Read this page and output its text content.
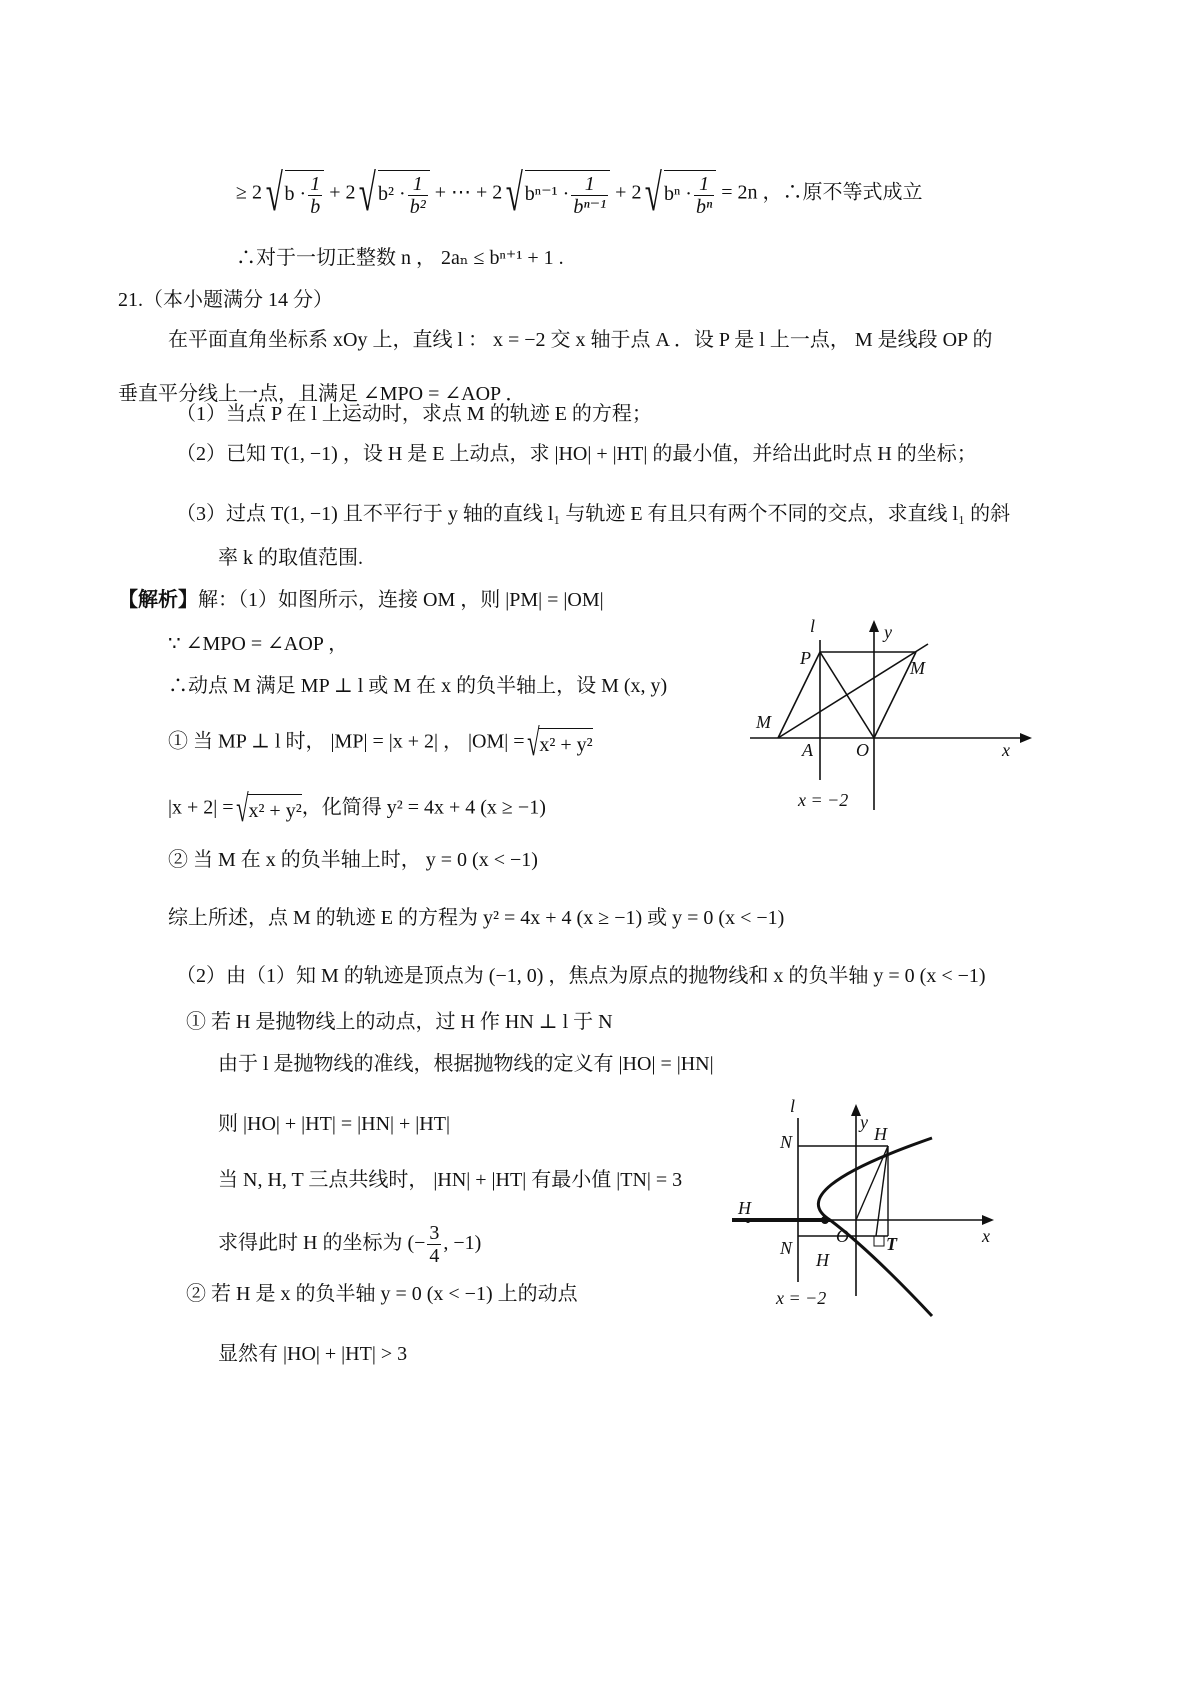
≥ $2√b \cdot \frac{1}{b} + 2√b^2 \cdot \frac{1}{\text{b²}}$ + ⋯ + $2√b^{n-1} \cdot \frac{1}{\text{bⁿ⁻¹}} + 2√b^n \cdot \frac{1}{\text{bⁿ}} = 2n$ ，∴原不等式成立
∴对于一切正整数 n ， 2aₙ ≤ bⁿ⁺¹ + 1 .
21.（本小题满分 14 分）
在平面直角坐标系 xOy 上，直线 l ： x = −2 交 x 轴于点 A ．设 P 是 l 上一点， M 是线段 OP 的
垂直平分线上一点，且满足 ∠MPO = ∠AOP ．
（1）当点 P 在 l 上运动时，求点 M 的轨迹 E 的方程；
（2）已知 T(1, −1) ，设 H 是 E 上动点，求 |HO| + |HT| 的最小值，并给出此时点 H 的坐标；
（3）过点 T(1, −1) 且不平行于 y 轴的直线 l₁ 与轨迹 E 有且只有两个不同的交点，求直线 l₁ 的斜
率 k 的取值范围.
【解析】解：（1）如图所示，连接 OM ，则 |PM| = |OM|
∵ ∠MPO = ∠AOP ，
∴动点 M 满足 MP ⊥ l 或 M 在 x 的负半轴上，设 M (x, y)
① 当 MP ⊥ l 时， |MP| = |x + 2| ， |OM| =√x² + y²
|x + 2| =√x² + y²，化简得 y² = 4x + 4 (x ≥ −1)
② 当 M 在 x 的负半轴上时， y = 0 (x < −1)
综上所述，点 M 的轨迹 E 的方程为 y² = 4x + 4 (x ≥ −1) 或 y = 0 (x < −1)
（2）由（1）知 M 的轨迹是顶点为 (−1, 0) ，焦点为原点的抛物线和 x 的负半轴 y = 0 (x < −1)
① 若 H 是抛物线上的动点，过 H 作 HN ⊥ l 于 N
由于 l 是抛物线的准线，根据抛物线的定义有 |HO| = |HN|
则 |HO| + |HT| = |HN| + |HT|
当 N, H, T 三点共线时， |HN| + |HT| 有最小值 |TN| = 3
求得此时 H 的坐标为 (− $\frac{3}{4}$ , −1)
② 若 H 是 x 的负半轴 y = 0 (x < −1) 上的动点
显然有 |HO| + |HT| > 3
l	y
P	M
M
A O	x
x = −2
l
y
N	H
H
O T	x
N
H
x = −2
